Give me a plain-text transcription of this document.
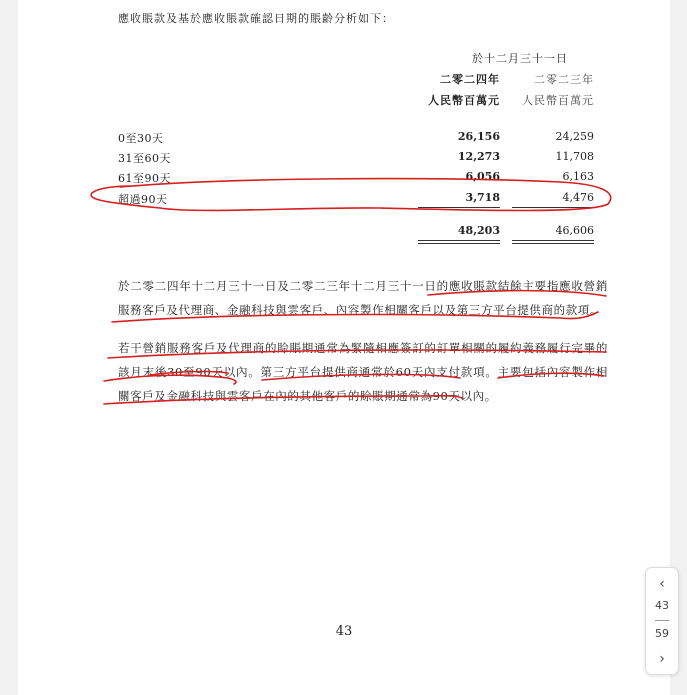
應收賬款及基於應收賬款確認日期的賬齡分析如下：
於十二月三十一日
二零二四年	二零二三年
人民幣百萬元	人民幣百萬元
0至30天	26,156	24,259
31至60天	12,273	11,708
61至90天	6,056	6,163
超過90天	3,718	4,476
48,203	46,606
於二零二四年十二月三十一日及二零二三年十二月三十一日的應收賬款結餘主要指應收營銷服務客戶及代理商、金融科技與雲客戶、內容製作相關客戶以及第三方平台提供商的款項。
若干營銷服務客戶及代理商的賒賬期通常為緊隨相應簽訂的訂單相關的履約義務履行完畢的該月末後30至90天以內。第三方平台提供商通常於60天內支付款項。主要包括內容製作相關客戶及金融科技與雲客戶在內的其他客戶的賒賬期通常為90天以內。
43
‹
43
59
›
